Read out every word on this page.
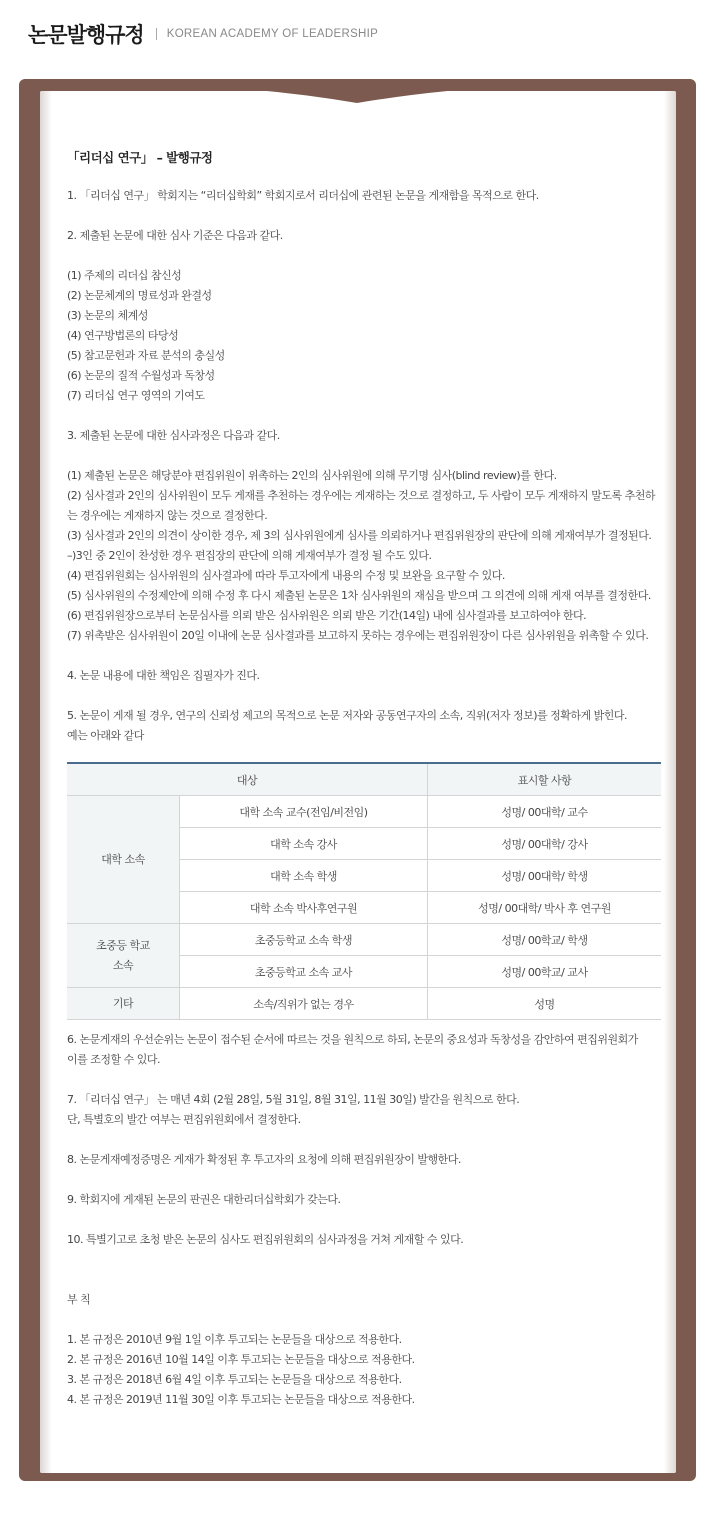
논문발행규정 KOREAN ACADEMY OF LEADERSHIP
「리더십 연구」 – 발행규정
1. 「리더십 연구」 학회지는 “리더십학회” 학회지로서 리더십에 관련된 논문을 게재함을 목적으로 한다.
2. 제출된 논문에 대한 심사 기준은 다음과 같다.
(1) 주제의 리더십 참신성
(2) 논문체계의 명료성과 완결성
(3) 논문의 체계성
(4) 연구방법론의 타당성
(5) 참고문헌과 자료 분석의 충실성
(6) 논문의 질적 수월성과 독창성
(7) 리더십 연구 영역의 기여도
3. 제출된 논문에 대한 심사과정은 다음과 같다.
(1) 제출된 논문은 해당분야 편집위원이 위촉하는 2인의 심사위원에 의해 무기명 심사(blind review)를 한다.
(2) 심사결과 2인의 심사위원이 모두 게재를 추천하는 경우에는 게재하는 것으로 결정하고, 두 사람이 모두 게재하지 말도록 추천하는 경우에는 게재하지 않는 것으로 결정한다.
(3) 심사결과 2인의 의견이 상이한 경우, 제 3의 심사위원에게 심사를 의뢰하거나 편집위원장의 판단에 의해 게재여부가 결정된다.
–)3인 중 2인이 찬성한 경우 편집장의 판단에 의해 게재여부가 결정 될 수도 있다.
(4) 편집위원회는 심사위원의 심사결과에 따라 투고자에게 내용의 수정 및 보완을 요구할 수 있다.
(5) 심사위원의 수정제안에 의해 수정 후 다시 제출된 논문은 1차 심사위원의 재심을 받으며 그 의견에 의해 게재 여부를 결정한다.
(6) 편집위원장으로부터 논문심사를 의뢰 받은 심사위원은 의뢰 받은 기간(14일) 내에 심사결과를 보고하여야 한다.
(7) 위촉받은 심사위원이 20일 이내에 논문 심사결과를 보고하지 못하는 경우에는 편집위원장이 다른 심사위원을 위촉할 수 있다.
4. 논문 내용에 대한 책임은 집필자가 진다.
5. 논문이 게재 될 경우, 연구의 신뢰성 제고의 목적으로 논문 저자와 공동연구자의 소속, 직위(저자 정보)를 정확하게 밝힌다.
예는 아래와 같다
대상		표시할 사항
대학 소속	대학 소속 교수(전임/비전임)	성명/ 00대학/ 교수
	대학 소속 강사	성명/ 00대학/ 강사
	대학 소속 학생	성명/ 00대학/ 학생
	대학 소속 박사후연구원	성명/ 00대학/ 박사 후 연구원
초중등 학교
소속	초중등학교 소속 학생	성명/ 00학교/ 학생
	초중등학교 소속 교사	성명/ 00학교/ 교사
기타	소속/직위가 없는 경우	성명
6. 논문게재의 우선순위는 논문이 접수된 순서에 따르는 것을 원칙으로 하되, 논문의 중요성과 독창성을 감안하여 편집위원회가
이를 조정할 수 있다.
7. 「리더십 연구」 는 매년 4회 (2월 28일, 5월 31일, 8월 31일, 11월 30일) 발간을 원칙으로 한다.
단, 특별호의 발간 여부는 편집위원회에서 결정한다.
8. 논문게재예정증명은 게재가 확정된 후 투고자의 요청에 의해 편집위원장이 발행한다.
9. 학회지에 게재된 논문의 판권은 대한리더십학회가 갖는다.
10. 특별기고로 초청 받은 논문의 심사도 편집위원회의 심사과정을 거쳐 게재할 수 있다.
부 칙
1. 본 규정은 2010년 9월 1일 이후 투고되는 논문들을 대상으로 적용한다.
2. 본 규정은 2016년 10월 14일 이후 투고되는 논문들을 대상으로 적용한다.
3. 본 규정은 2018년 6월 4일 이후 투고되는 논문들을 대상으로 적용한다.
4. 본 규정은 2019년 11월 30일 이후 투고되는 논문들을 대상으로 적용한다.
